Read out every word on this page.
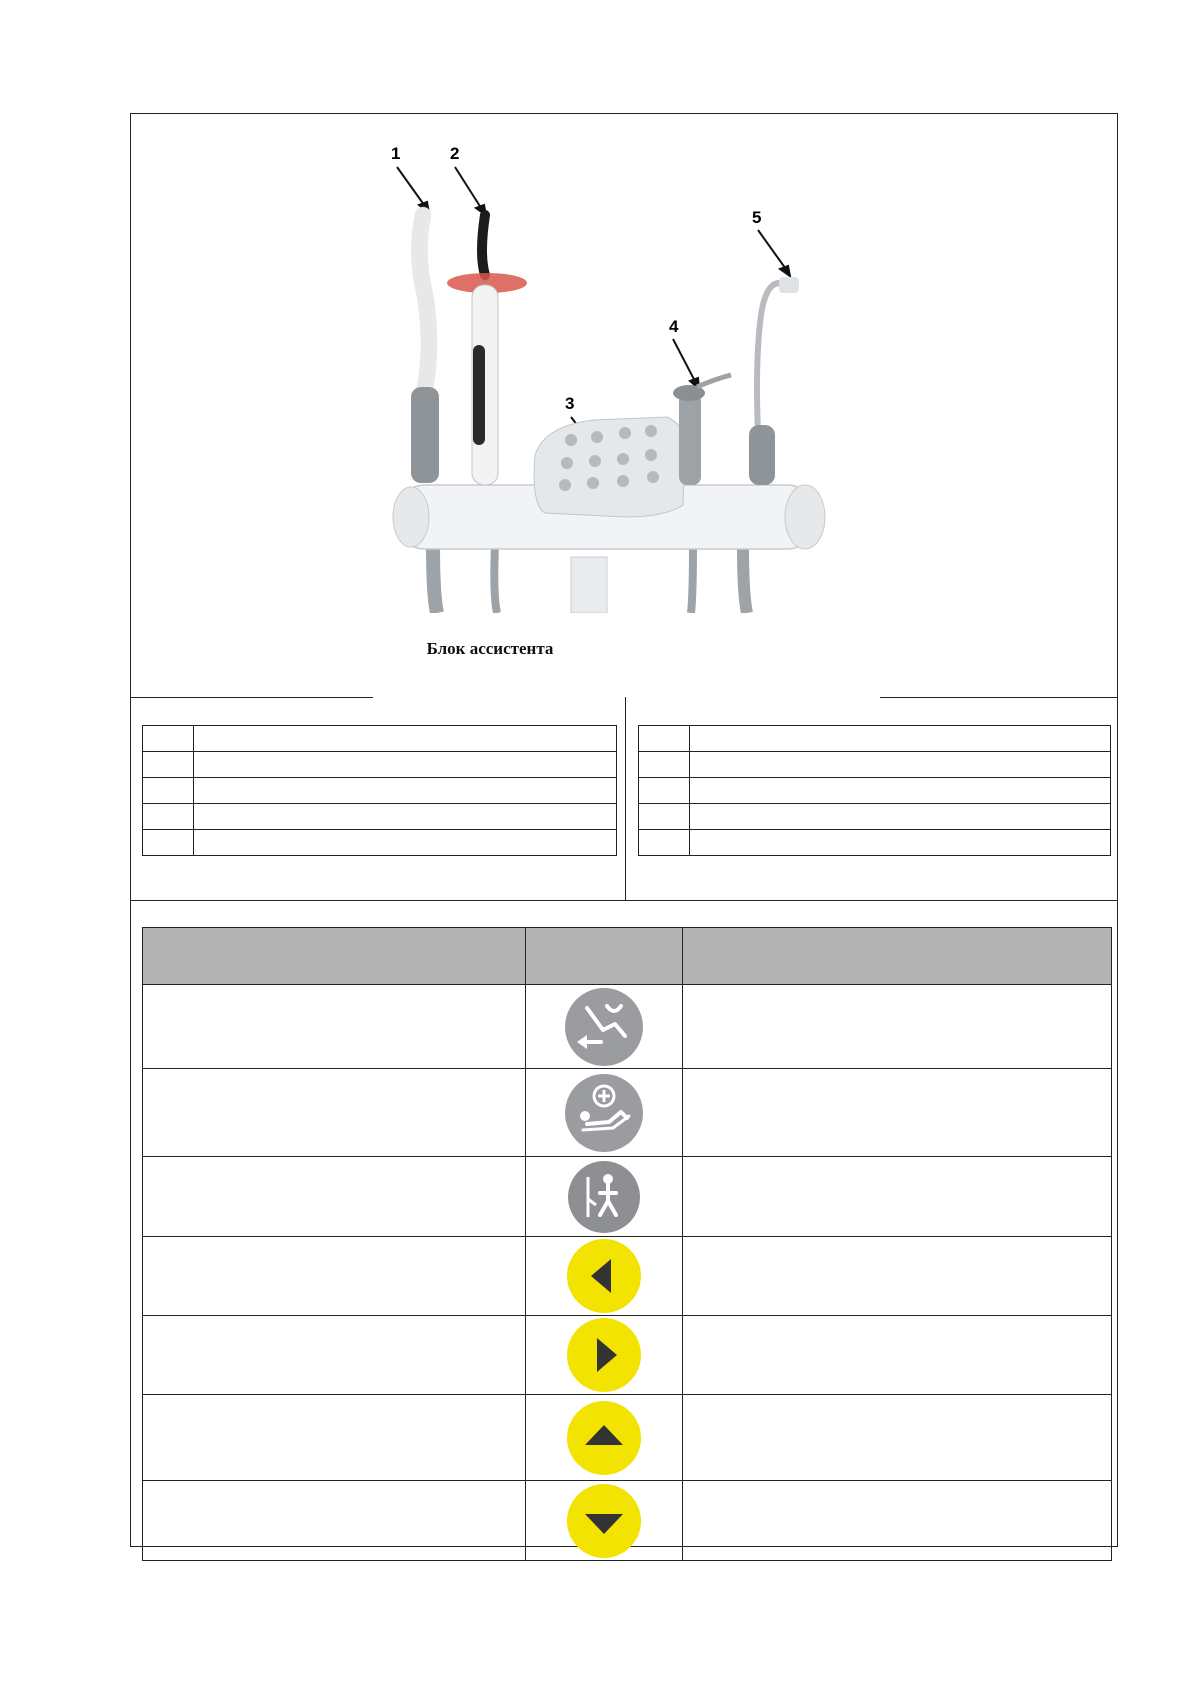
1	2
3
4
5
Блок ассистента
